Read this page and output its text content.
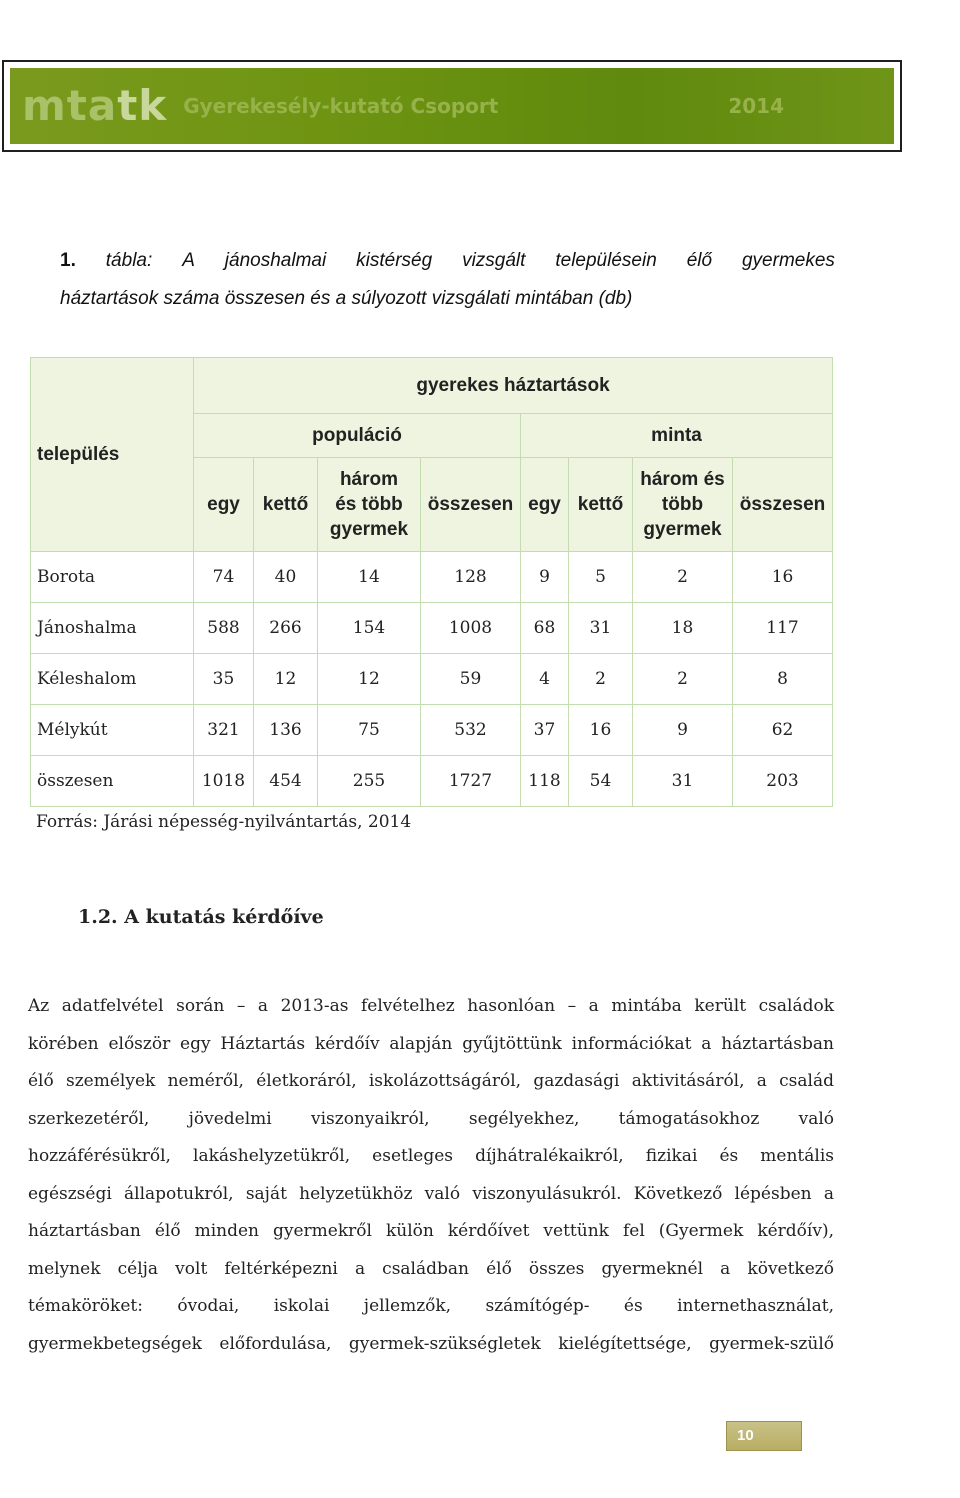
mtatk Gyerekesély-kutató Csoport	2014
1. tábla: A jánoshalmai kistérség vizsgált településein élő gyermekes
háztartások száma összesen és a súlyozott vizsgálati mintában (db)
település	gyerekes háztartások							
	populáció				minta			
	egy	kettő	három és több gyermek	összesen	egy	kettő	három és több gyermek	összesen
Borota	74	40	14	128	9	5	2	16
Jánoshalma	588	266	154	1008	68	31	18	117
Kéleshalom	35	12	12	59	4	2	2	8
Mélykút	321	136	75	532	37	16	9	62
összesen	1018	454	255	1727	118	54	31	203
Forrás: Járási népesség-nyilvántartás, 2014
1.2. A kutatás kérdőíve
Az adatfelvétel során – a 2013-as felvételhez hasonlóan – a mintába került családok
körében először egy Háztartás kérdőív alapján gyűjtöttünk információkat a háztartásban
élő személyek neméről, életkoráról, iskolázottságáról, gazdasági aktivitásáról, a család
szerkezetéről, jövedelmi viszonyaikról, segélyekhez, támogatásokhoz való
hozzáférésükről, lakáshelyzetükről, esetleges díjhátralékaikról, fizikai és mentális
egészségi állapotukról, saját helyzetükhöz való viszonyulásukról. Következő lépésben a
háztartásban élő minden gyermekről külön kérdőívet vettünk fel (Gyermek kérdőív),
melynek célja volt feltérképezni a családban élő összes gyermeknél a következő
témaköröket: óvodai, iskolai jellemzők, számítógép- és internethasználat,
gyermekbetegségek előfordulása, gyermek-szükségletek kielégítettsége, gyermek-szülő
10
